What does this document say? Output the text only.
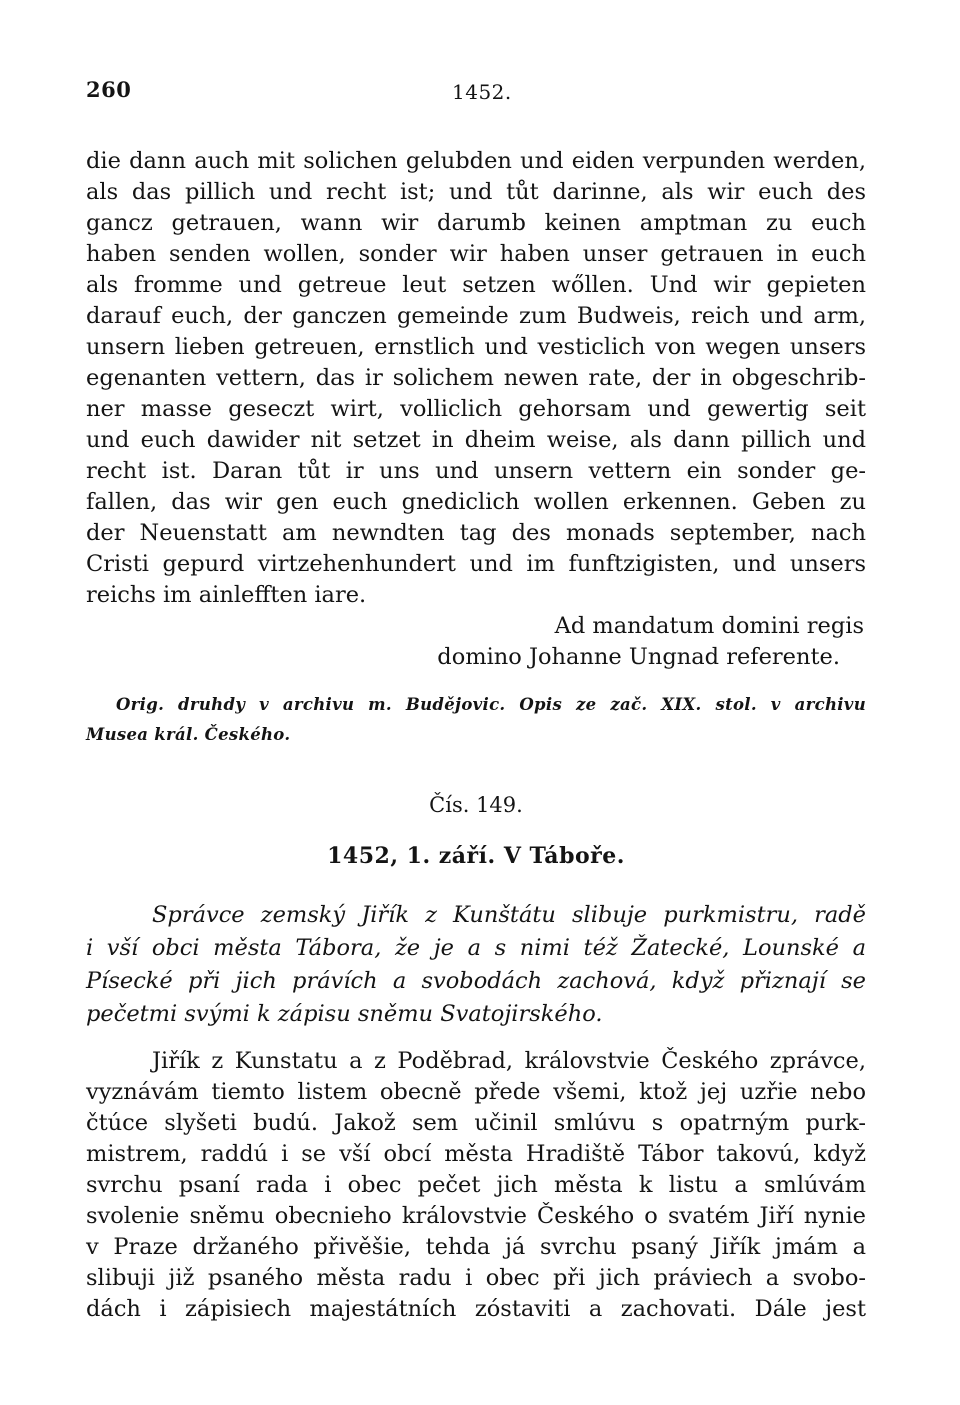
260	1452.
die dann auch mit solichen gelubden und eiden verpunden werden,
als das pillich und recht ist; und tůt darinne, als wir euch des
gancz getrauen, wann wir darumb keinen amptman zu euch
haben senden wollen, sonder wir haben unser getrauen in euch
als fromme und getreue leut setzen wőllen. Und wir gepieten
darauf euch, der ganczen gemeinde zum Budweis, reich und arm,
unsern lieben getreuen, ernstlich und vesticlich von wegen unsers
egenanten vettern, das ir solichem newen rate, der in obgeschrib-
ner masse geseczt wirt, volliclich gehorsam und gewertig seit
und euch dawider nit setzet in dheim weise, als dann pillich und
recht ist. Daran tůt ir uns und unsern vettern ein sonder ge-
fallen, das wir gen euch gnediclich wollen erkennen. Geben zu
der Neuenstatt am newndten tag des monads september, nach
Cristi gepurd virtzehenhundert und im funftzigisten, und unsers
reichs im ainlefften iare.
Ad mandatum domini regis
domino Johanne Ungnad referente.
Orig. druhdy v archivu m. Budějovic. Opis ze zač. XIX. stol. v archivu
Musea král. Českého.
Čís. 149.
1452, 1. září. V Táboře.
Správce zemský Jiřík z Kunštátu slibuje purkmistru, radě
i vší obci města Tábora, že je a s nimi též Žatecké, Lounské a
Písecké při jich právích a svobodách zachová, když přiznají se
pečetmi svými k zápisu sněmu Svatojirského.
Jiřík z Kunstatu a z Poděbrad, královstvie Českého zprávce,
vyznávám tiemto listem obecně přede všemi, ktož jej uzřie nebo
čtúce slyšeti budú. Jakož sem učinil smlúvu s opatrným purk-
mistrem, raddú i se vší obcí města Hradiště Tábor takovú, když
svrchu psaní rada i obec pečet jich města k listu a smlúvám
svolenie sněmu obecnieho královstvie Českého o svatém Jiří nynie
v Praze držaného přivěšie, tehda já svrchu psaný Jiřík jmám a
slibuji již psaného města radu i obec při jich práviech a svobo-
dách i zápisiech majestátních zóstaviti a zachovati. Dále jest
